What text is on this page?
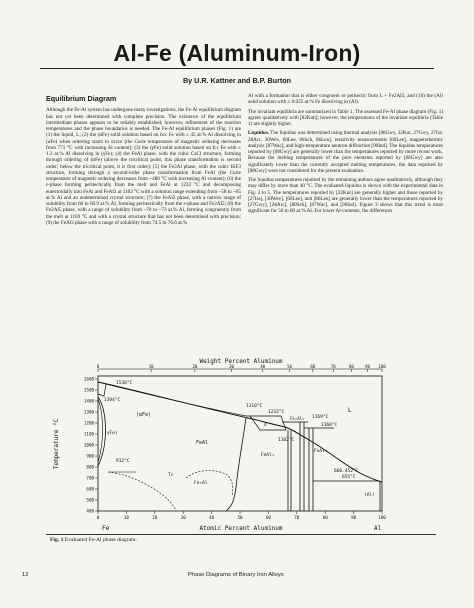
Al-Fe (Aluminum-Iron)
By U.R. Kattner and B.P. Burton
Equilibrium Diagram

Although the Fe-Al system has undergone many investigations, the Fe-Al equilibrium diagram has not yet been determined with complete precision. The existence of the equilibrium intermediate phases appears to be reliably established; however, refinement of the reaction temperatures and the phase boundaries is needed. The Fe-Al equilibrium phases (Fig. 1) are (1) the liquid, L; (2) the (αFe) solid solution based on bcc Fe with ≤ 45 at.% Al dissolving in (αFe) when ordering starts to occur (the Curie temperature of magnetic ordering decreases from 771 °C with increasing Al content); (3) the (γFe) solid solution based on fcc Fe with ≤ 1.3 at.% Al dissolving in (γFe); (4) the FeAl phase, with the cubic CsCl structure, forming through ordering of (αFe) (above the tricritical point, this phase transformation is second order; below the tricritical point, it is first order); (5) the Fe3Al phase, with the cubic BiF3 structure, forming through a second-order phase transformation from FeAl (the Curie temperature of magnetic ordering decreases from ~480 °C with increasing Al content); (6) the ε-phase forming peritectically from the melt and FeAl at 1232 °C and decomposing eutectoidally into FeAl and FeAl2 at 1102 °C with a solution range extending from ~58 to ~65 at.% Al and an undetermined crystal structure; (7) the FeAl2 phase, with a narrow range of solubility from 66 to 66.9 at.% Al, forming peritectically from the ε-phase and Fe2Al5; (8) the Fe2Al5 phase, with a range of solubility from ~70 to ~73 at.% Al, forming congruently from the melt at 1169 °C and with a crystal structure that has not been determined with precision; (9) the FeAl3 phase with a range of solubility from 74.5 to 76.6 at.%

Al with a formation that is either congruent or peritectic from L + Fe2Al5; and (10) the (Al) solid solution with ≤ 0.025 at.% Fe dissolving in (Al).

The invariant equilibria are summarized in Table 1. The assessed Fe-Al phase diagram (Fig. 1) agrees qualitatively with [82Kub]; however, the temperatures of the invariant equilibria (Table 1) are slightly higher.

Liquidus. The liquidus was determined using thermal analysis [08Gwy, 22Kur, 27Gwy, 27Iss, 28Arc, 30Wev, 60Lee, 80Sch, 86Len], resistivity measurements [60Lee], magnetothermic analysis [87Wac], and high-temperature neutron diffraction [90Ind]. The liquidus temperatures reported by [08Gwy] are generally lower than the temperatures reported by more recent work. Because the melting temperatures of the pure elements reported by [08Gwy] are also significantly lower than the currently accepted melting temperatures, the data reported by [08Gwy] were not considered for the present evaluation.

The liquidus temperatures reported by the remaining authors agree qualitatively, although they may differ by more than 40 °C. The evaluated liquidus is shown with the experimental data in Fig. 2 to 5. The temperatures reported by [22Kur] are generally higher and those reported by [27Iss], [30Wev], [60Lee], and [86Len] are generally lower than the temperatures reported by [27Gwy], [28Arc], [80Sch], [87Wac], and [90Ind]. Figure 3 shows that this trend is most significant for 50 to 80 at.% Al. For lower Al-contents, the differences

Weight Percent Aluminum
0	10	20	30	40	50	60	70	80	90 100
1600
1500
1400
1300
1200
1100
1000
900
800
700
600
500
400
0	10	20	30	40	50	60	70	80	90	100
Temperature °C
1538°C
1394°C
912°C
1310°C
1232°C
1169°C
1160°C
1102°C
660.452°C
655°C
L
(αFe)
(γFe)
FeAl
Fe₃Al
ε
FeAl₂
Fe₂Al₅
FeAl₃
(Al)
Tc
Fe	Al
Atomic Percent Aluminum
Fig. 1 Evaluated Fe-Al phase diagram.
12	Phase Diagrams of Binary Iron Alloys
